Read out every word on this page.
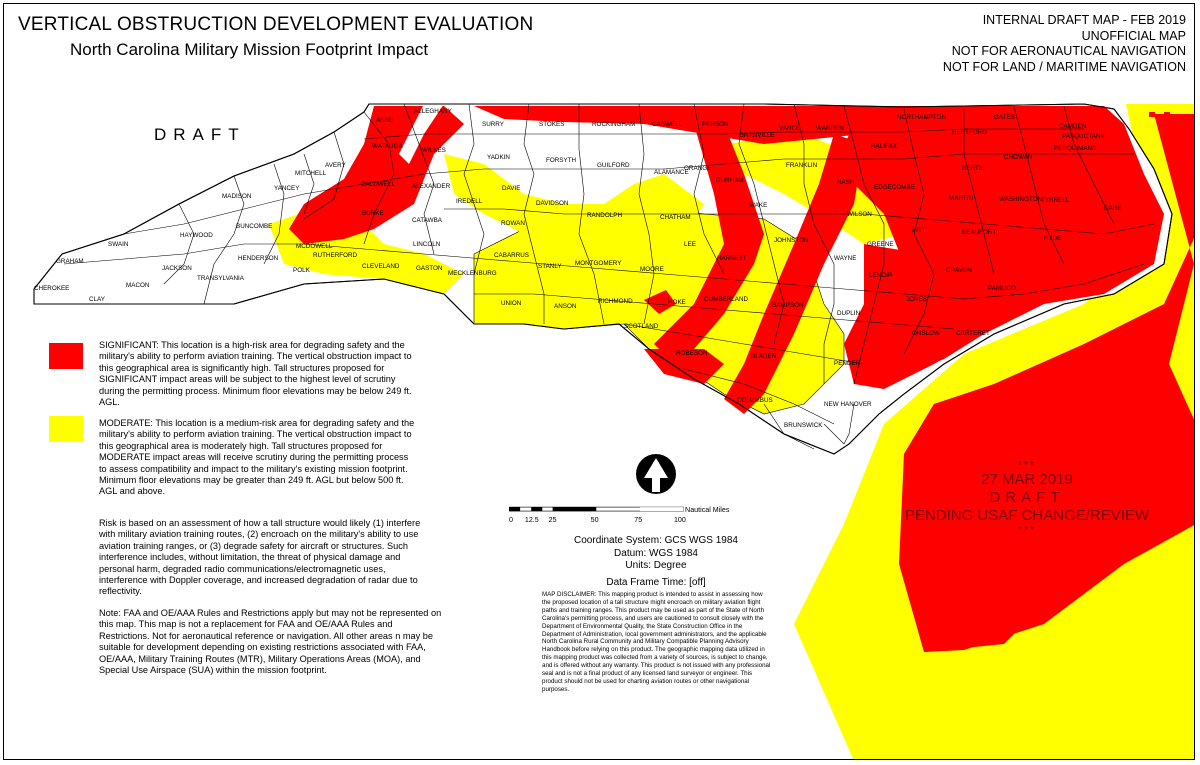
ASHE
ALLEGHANY
SURRY	STOKES	ROCKINGHAM	CASWELL	PERSON
GRANVILLE
VANCE	WARREN
NORTHAMPTON	GATES
HERTFORD
CAMDEN
PASQUOTANK
PERQUIMANS
CHOWAN
WATAUGA
WILKES
YADKIN	FORSYTH
GUILFORD
ALAMANCE
ORANGE
DURHAM
FRANKLIN
HALIFAX
BERTIE
AVERY
MITCHELL
YANCEY
CALDWELL	ALEXANDER	DAVIE
DAVIDSON
NASH
EDGECOMBE
MARTIN	WASHINGTON
TYRRELL
DARE
MADISON
BURKE
IREDELL
ROWAN
RANDOLPH	CHATHAM
WAKE
WILSON
MCDOWELL
CATAWBA
BUNCOMBE
LINCOLN	LEE
JOHNSTON
GREENE
PITT	BEAUFORT
HYDE
HAYWOOD
SWAIN
GRAHAM
RUTHERFORD
HENDERSON
POLK
CLEVELAND	GASTON
MECKLENBURG
CABARRUS
STANLY MONTGOMERY
MOORE
HARNETT	WAYNE
LENOIR
CRAVEN
PAMLICO
JACKSON
TRANSYLVANIA
MACON
CHEROKEE
CLAY
UNION	ANSON
RICHMOND	HOKE	CUMBERLAND
SAMPSON
DUPLIN
JONES
SCOTLAND
ONSLOW	CARTERET
ROBESON	BLADEN
PENDER
COLUMBUS
NEW HANOVER
BRUNSWICK
VERTICAL OBSTRUCTION DEVELOPMENT EVALUATION
North Carolina Military Mission Footprint Impact
DRAFT
INTERNAL DRAFT MAP - FEB 2019
UNOFFICIAL MAP
NOT FOR AERONAUTICAL NAVIGATION
NOT FOR LAND / MARITIME NAVIGATION
SIGNIFICANT: This location is a high-risk area for degrading safety and the military's ability to perform aviation training. The vertical obstruction impact to this geographical area is significantly high. Tall structures proposed for SIGNIFICANT impact areas will be subject to the highest level of scrutiny during the permitting process. Minimum floor elevations may be below 249 ft. AGL.
MODERATE: This location is a medium-risk area for degrading safety and the military's ability to perform aviation training. The vertical obstruction impact to this geographical area is moderately high. Tall structures proposed for MODERATE impact areas will receive scrutiny during the permitting process to assess compatibility and impact to the military's existing mission footprint. Minimum floor elevations may be greater than 249 ft. AGL but below 500 ft. AGL and above.
Risk is based on an assessment of how a tall structure would likely (1) interfere with military aviation training routes, (2) encroach on the military's ability to use aviation training ranges, or (3) degrade safety for aircraft or structures. Such interference includes, without limitation, the threat of physical damage and personal harm, degraded radio communications/electromagnetic uses, interference with Doppler coverage, and increased degradation of radar due to reflectivity.
Note: FAA and OE/AAA Rules and Restrictions apply but may not be represented on this map. This map is not a replacement for FAA and OE/AAA Rules and Restrictions. Not for aeronautical reference or navigation. All other areas n may be suitable for development depending on existing restrictions associated with FAA, OE/AAA, Military Training Routes (MTR), Military Operations Areas (MOA), and Special Use Airspace (SUA) within the mission footprint.
Nautical Miles
0 12.5 25	50	75	100
Coordinate System: GCS WGS 1984
Datum: WGS 1984
Units: Degree
Data Frame Time: [off]
MAP DISCLAIMER: This mapping product is intended to assist in assessing how the proposed location of a tall structure might encroach on military aviation flight paths and training ranges. This product may be used as part of the State of North Carolina's permitting process, and users are cautioned to consult closely with the Department of Environmental Quality, the State Construction Office in the Department of Administration, local government administrators, and the applicable North Carolina Rural Community and Military Compatible Planning Advisory Handbook before relying on this product. The geographic mapping data utilized in this mapping product was collected from a variety of sources, is subject to change, and is offered without any warranty. This product is not issued with any professional seal and is not a final product of any licensed land surveyor or engineer. This product should not be used for charting aviation routes or other navigational purposes.
***
27 MAR 2019
DRAFT
PENDING USAF CHANGE/REVIEW
***
